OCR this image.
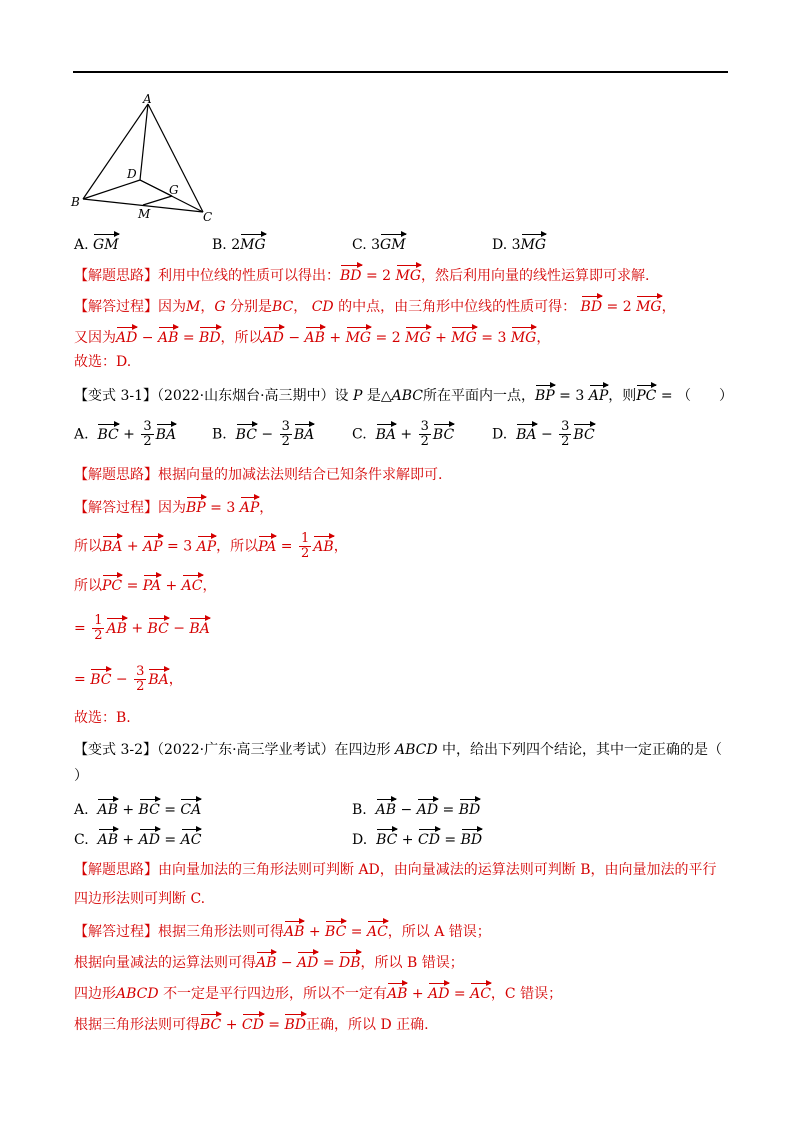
A
B
C
D
G
M
A. GM	B. 2MG	C. 3GM	D. 3MG
【解题思路】利用中位线的性质可以得出：BD = 2 MG，然后利用向量的线性运算即可求解.
【解答过程】因为M，G 分别是BC， CD 的中点，由三角形中位线的性质可得： BD = 2 MG，
又因为AD − AB = BD，所以AD − AB + MG = 2 MG + MG = 3 MG，
故选：D.
【变式 3-1】（2022·山东烟台·高三期中）设 P 是△ABC所在平面内一点，BP = 3 AP，则PC = （　　）
A. BC + $\frac{3}{2}$ BA	B. BC − $\frac{3}{2}$ BA	C. BA + $\frac{3}{2}$ BC	D. BA − $\frac{3}{2}$ BC
【解题思路】根据向量的加减法法则结合已知条件求解即可.
【解答过程】因为BP = 3 AP，
所以BA + AP = 3 AP，所以PA = $\frac{1}{2}$ AB，
所以PC = PA + AC，
= $\frac{1}{2}$ AB + BC − BA
= BC − $\frac{3}{2}$ BA，
故选：B.
【变式 3-2】（2022·广东·高三学业考试）在四边形 ABCD 中，给出下列四个结论，其中一定正确的是（
）
A. AB + BC = CA	B. AB − AD = BD
C. AB + AD = AC	D. BC + CD = BD
【解题思路】由向量加法的三角形法则可判断 AD，由向量减法的运算法则可判断 B，由向量加法的平行
四边形法则可判断 C.
【解答过程】根据三角形法则可得AB + BC = AC，所以 A 错误；
根据向量减法的运算法则可得AB − AD = DB，所以 B 错误；
四边形ABCD 不一定是平行四边形，所以不一定有AB + AD = AC，C 错误；
根据三角形法则可得BC + CD = BD正确，所以 D 正确.
